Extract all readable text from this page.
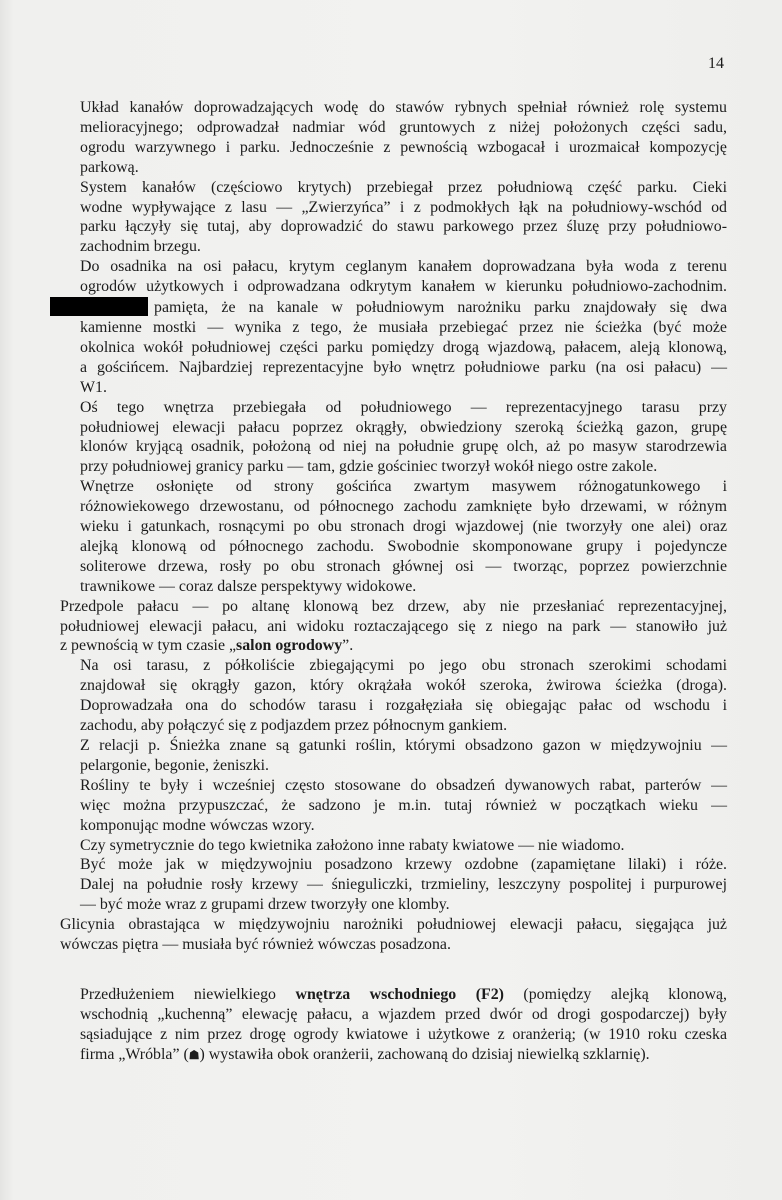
14

Układ kanałów doprowadzających wodę do stawów rybnych spełniał również rolę systemu
melioracyjnego; odprowadzał nadmiar wód gruntowych z niżej położonych części sadu,
ogrodu warzywnego i parku. Jednocześnie z pewnością wzbogacał i urozmaicał kompozycję
parkową.

System kanałów (częściowo krytych) przebiegał przez południową część parku. Cieki
wodne wypływające z lasu — „Zwierzyńca” i z podmokłych łąk na południowy-wschód od
parku łączyły się tutaj, aby doprowadzić do stawu parkowego przez śluzę przy południowo-
zachodnim brzegu.

Do osadnika na osi pałacu, krytym ceglanym kanałem doprowadzana była woda z terenu
ogrodów użytkowych i odprowadzana odkrytym kanałem w kierunku południowo-zachodnim.
pamięta, że na kanale w południowym narożniku parku znajdowały się dwa
kamienne mostki — wynika z tego, że musiała przebiegać przez nie ścieżka (być może
okolnica wokół południowej części parku pomiędzy drogą wjazdową, pałacem, aleją klonową,
a gościńcem. Najbardziej reprezentacyjne było wnętrz południowe parku (na osi pałacu) —
W1.

Oś tego wnętrza przebiegała od południowego — reprezentacyjnego tarasu przy
południowej elewacji pałacu poprzez okrągły, obwiedziony szeroką ścieżką gazon, grupę
klonów kryjącą osadnik, położoną od niej na południe grupę olch, aż po masyw starodrzewia
przy południowej granicy parku — tam, gdzie gościniec tworzył wokół niego ostre zakole.

Wnętrze osłonięte od strony gościńca zwartym masywem różnogatunkowego i
różnowiekowego drzewostanu, od północnego zachodu zamknięte było drzewami, w różnym
wieku i gatunkach, rosnącymi po obu stronach drogi wjazdowej (nie tworzyły one alei) oraz
alejką klonową od północnego zachodu. Swobodnie skomponowane grupy i pojedyncze
soliterowe drzewa, rosły po obu stronach głównej osi — tworząc, poprzez powierzchnie
trawnikowe — coraz dalsze perspektywy widokowe.

Przedpole pałacu — po altanę klonową bez drzew, aby nie przesłaniać reprezentacyjnej,
południowej elewacji pałacu, ani widoku roztaczającego się z niego na park — stanowiło już
z pewnością w tym czasie „salon ogrodowy”.

Na osi tarasu, z półkoliście zbiegającymi po jego obu stronach szerokimi schodami
znajdował się okrągły gazon, który okrążała wokół szeroka, żwirowa ścieżka (droga).
Doprowadzała ona do schodów tarasu i rozgałęziała się obiegając pałac od wschodu i
zachodu, aby połączyć się z podjazdem przez północnym gankiem.

Z relacji p. Śnieżka znane są gatunki roślin, którymi obsadzono gazon w międzywojniu —
pelargonie, begonie, żeniszki.

Rośliny te były i wcześniej często stosowane do obsadzeń dywanowych rabat, parterów —
więc można przypuszczać, że sadzono je m.in. tutaj również w początkach wieku —
komponując modne wówczas wzory.

Czy symetrycznie do tego kwietnika założono inne rabaty kwiatowe — nie wiadomo.

Być może jak w międzywojniu posadzono krzewy ozdobne (zapamiętane lilaki) i róże.
Dalej na południe rosły krzewy — śnieguliczki, trzmieliny, leszczyny pospolitej i purpurowej
— być może wraz z grupami drzew tworzyły one klomby.

Glicynia obrastająca w międzywojniu narożniki południowej elewacji pałacu, sięgająca już
wówczas piętra — musiała być również wówczas posadzona.

Przedłużeniem niewielkiego wnętrza wschodniego (F2) (pomiędzy alejką klonową,
wschodnią „kuchenną” elewację pałacu, a wjazdem przed dwór od drogi gospodarczej) były
sąsiadujące z nim przez drogę ogrody kwiatowe i użytkowe z oranżerią; (w 1910 roku czeska
firma „Wróbla” (☗) wystawiła obok oranżerii, zachowaną do dzisiaj niewielką szklarnię).
